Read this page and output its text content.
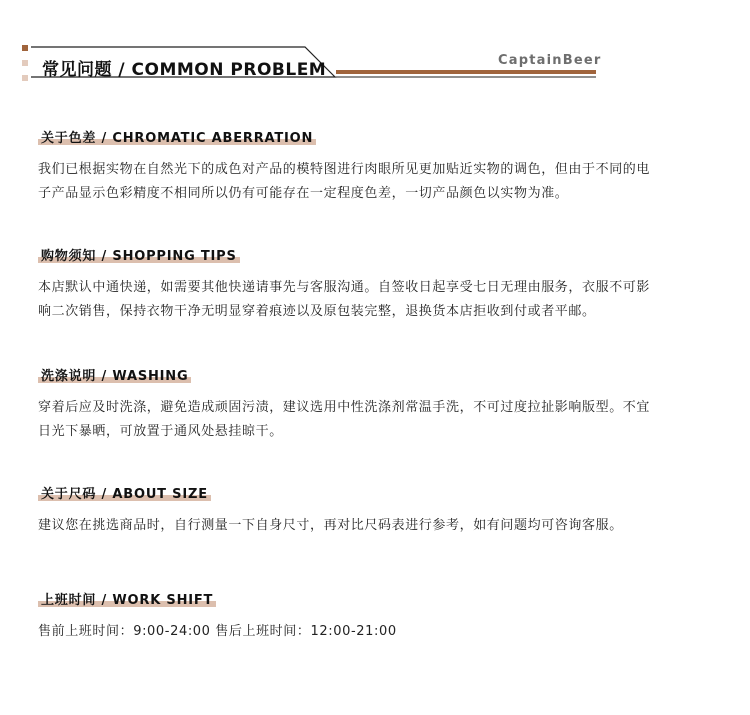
常见问题 / COMMON PROBLEM	CaptainBeer
关于色差 / CHROMATIC ABERRATION
我们已根据实物在自然光下的成色对产品的模特图进行肉眼所见更加贴近实物的调色，但由于不同的电
子产品显示色彩精度不相同所以仍有可能存在一定程度色差，一切产品颜色以实物为准。
购物须知 / SHOPPING TIPS
本店默认中通快递，如需要其他快递请事先与客服沟通。自签收日起享受七日无理由服务，衣服不可影
响二次销售，保持衣物干净无明显穿着痕迹以及原包装完整，退换货本店拒收到付或者平邮。
洗涤说明 / WASHING
穿着后应及时洗涤，避免造成顽固污渍，建议选用中性洗涤剂常温手洗，不可过度拉扯影响版型。不宜
日光下暴晒，可放置于通风处悬挂晾干。
关于尺码 / ABOUT SIZE
建议您在挑选商品时，自行测量一下自身尺寸，再对比尺码表进行参考，如有问题均可咨询客服。
上班时间 / WORK SHIFT
售前上班时间：9:00-24:00 售后上班时间：12:00-21:00
